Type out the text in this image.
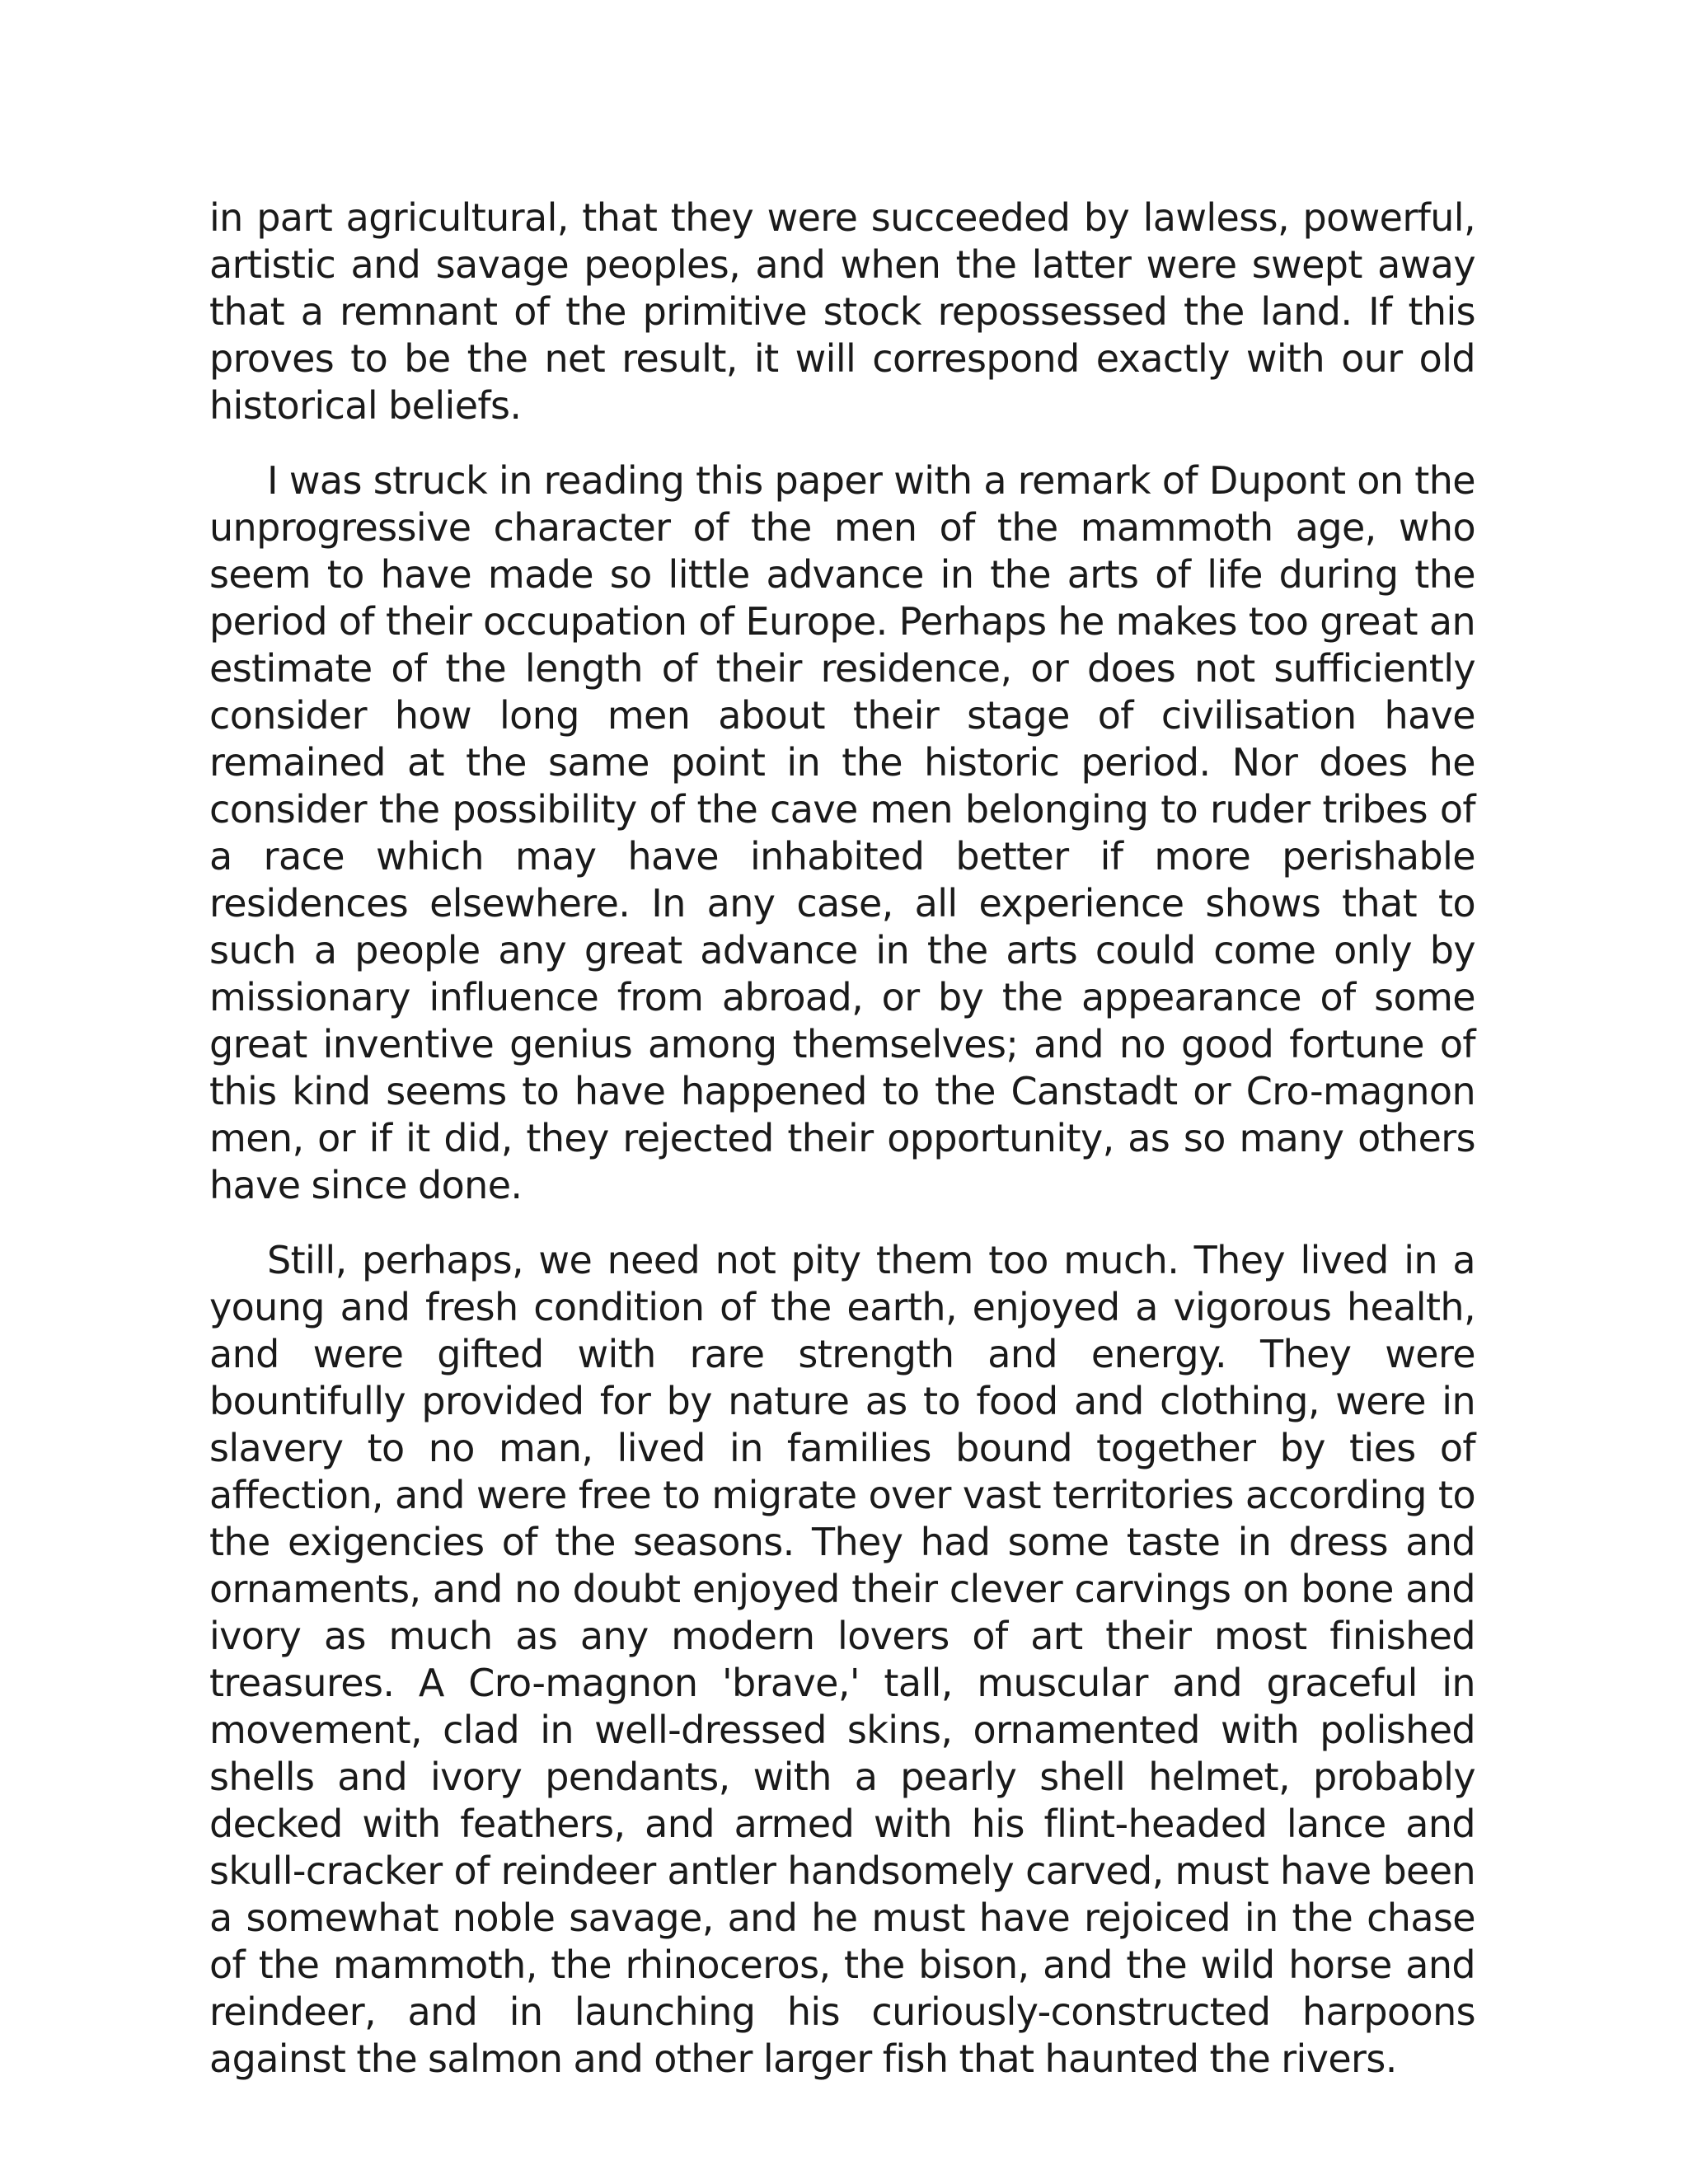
in part agricultural, that they were succeeded by lawless, powerful, artistic and savage peoples, and when the latter were swept away that a remnant of the primitive stock repossessed the land. If this proves to be the net result, it will correspond exactly with our old historical beliefs.

I was struck in reading this paper with a remark of Dupont on the unprogressive character of the men of the mammoth age, who seem to have made so little advance in the arts of life during the period of their occupation of Europe. Perhaps he makes too great an estimate of the length of their residence, or does not sufficiently consider how long men about their stage of civilisation have remained at the same point in the historic period. Nor does he consider the possibility of the cave men belonging to ruder tribes of a race which may have inhabited better if more perishable residences elsewhere. In any case, all experience shows that to such a people any great advance in the arts could come only by missionary influence from abroad, or by the appearance of some great inventive genius among themselves; and no good fortune of this kind seems to have happened to the Canstadt or Cro-magnon men, or if it did, they rejected their opportunity, as so many others have since done.

Still, perhaps, we need not pity them too much. They lived in a young and fresh condition of the earth, enjoyed a vigorous health, and were gifted with rare strength and energy. They were bountifully provided for by nature as to food and clothing, were in slavery to no man, lived in families bound together by ties of affection, and were free to migrate over vast territories according to the exigencies of the seasons. They had some taste in dress and ornaments, and no doubt enjoyed their clever carvings on bone and ivory as much as any modern lovers of art their most finished treasures. A Cro-magnon 'brave,' tall, muscular and graceful in movement, clad in well-dressed skins, ornamented with polished shells and ivory pendants, with a pearly shell helmet, probably decked with feathers, and armed with his flint-headed lance and skull-cracker of reindeer antler handsomely carved, must have been a somewhat noble savage, and he must have rejoiced in the chase of the mammoth, the rhinoceros, the bison, and the wild horse and reindeer, and in launching his curiously-constructed harpoons against the salmon and other larger fish that haunted the rivers.
